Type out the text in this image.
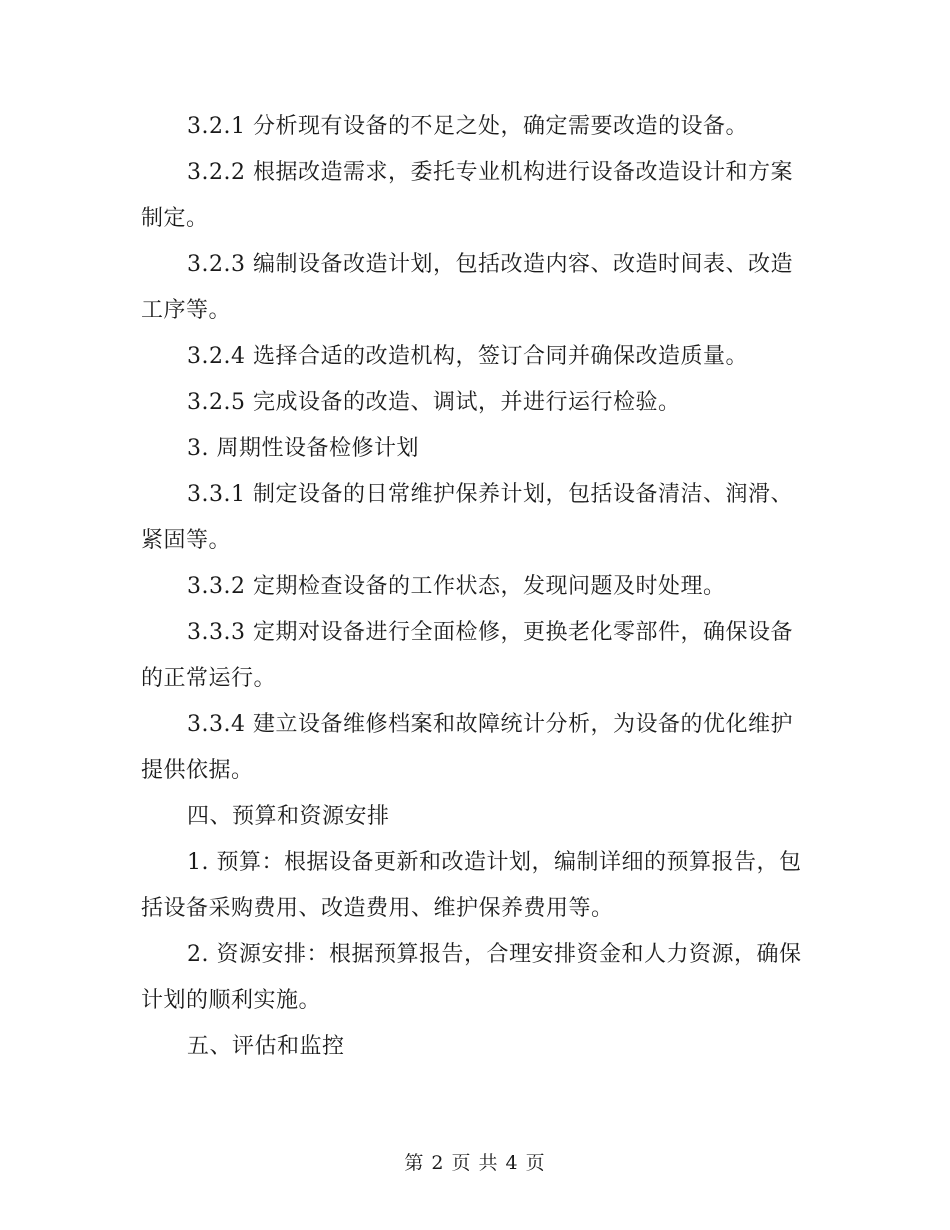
3.2.1 分析现有设备的不足之处，确定需要改造的设备。

3.2.2 根据改造需求，委托专业机构进行设备改造设计和方案制定。

3.2.3 编制设备改造计划，包括改造内容、改造时间表、改造工序等。

3.2.4 选择合适的改造机构，签订合同并确保改造质量。

3.2.5 完成设备的改造、调试，并进行运行检验。

3. 周期性设备检修计划

3.3.1 制定设备的日常维护保养计划，包括设备清洁、润滑、紧固等。

3.3.2 定期检查设备的工作状态，发现问题及时处理。

3.3.3 定期对设备进行全面检修，更换老化零部件，确保设备的正常运行。

3.3.4 建立设备维修档案和故障统计分析，为设备的优化维护提供依据。

四、预算和资源安排

1. 预算：根据设备更新和改造计划，编制详细的预算报告，包括设备采购费用、改造费用、维护保养费用等。

2. 资源安排：根据预算报告，合理安排资金和人力资源，确保计划的顺利实施。

五、评估和监控

第 2 页 共 4 页
